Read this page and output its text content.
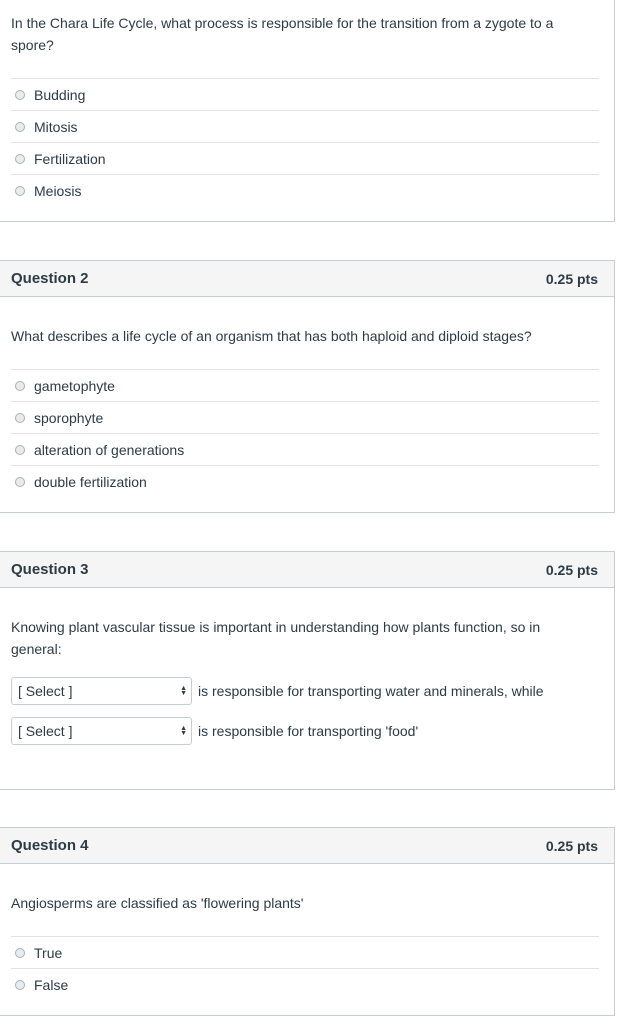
In the Chara Life Cycle, what process is responsible for the transition from a zygote to a spore?
Budding
Mitosis
Fertilization
Meiosis
Question 2	0.25 pts
What describes a life cycle of an organism that has both haploid and diploid stages?
gametophyte
sporophyte
alteration of generations
double fertilization
Question 3	0.25 pts
Knowing plant vascular tissue is important in understanding how plants function, so in general:
[ Select ]	▲
▼ is responsible for transporting water and minerals, while
[ Select ]	▲
▼ is responsible for transporting 'food'
Question 4	0.25 pts
Angiosperms are classified as 'flowering plants'
True
False
